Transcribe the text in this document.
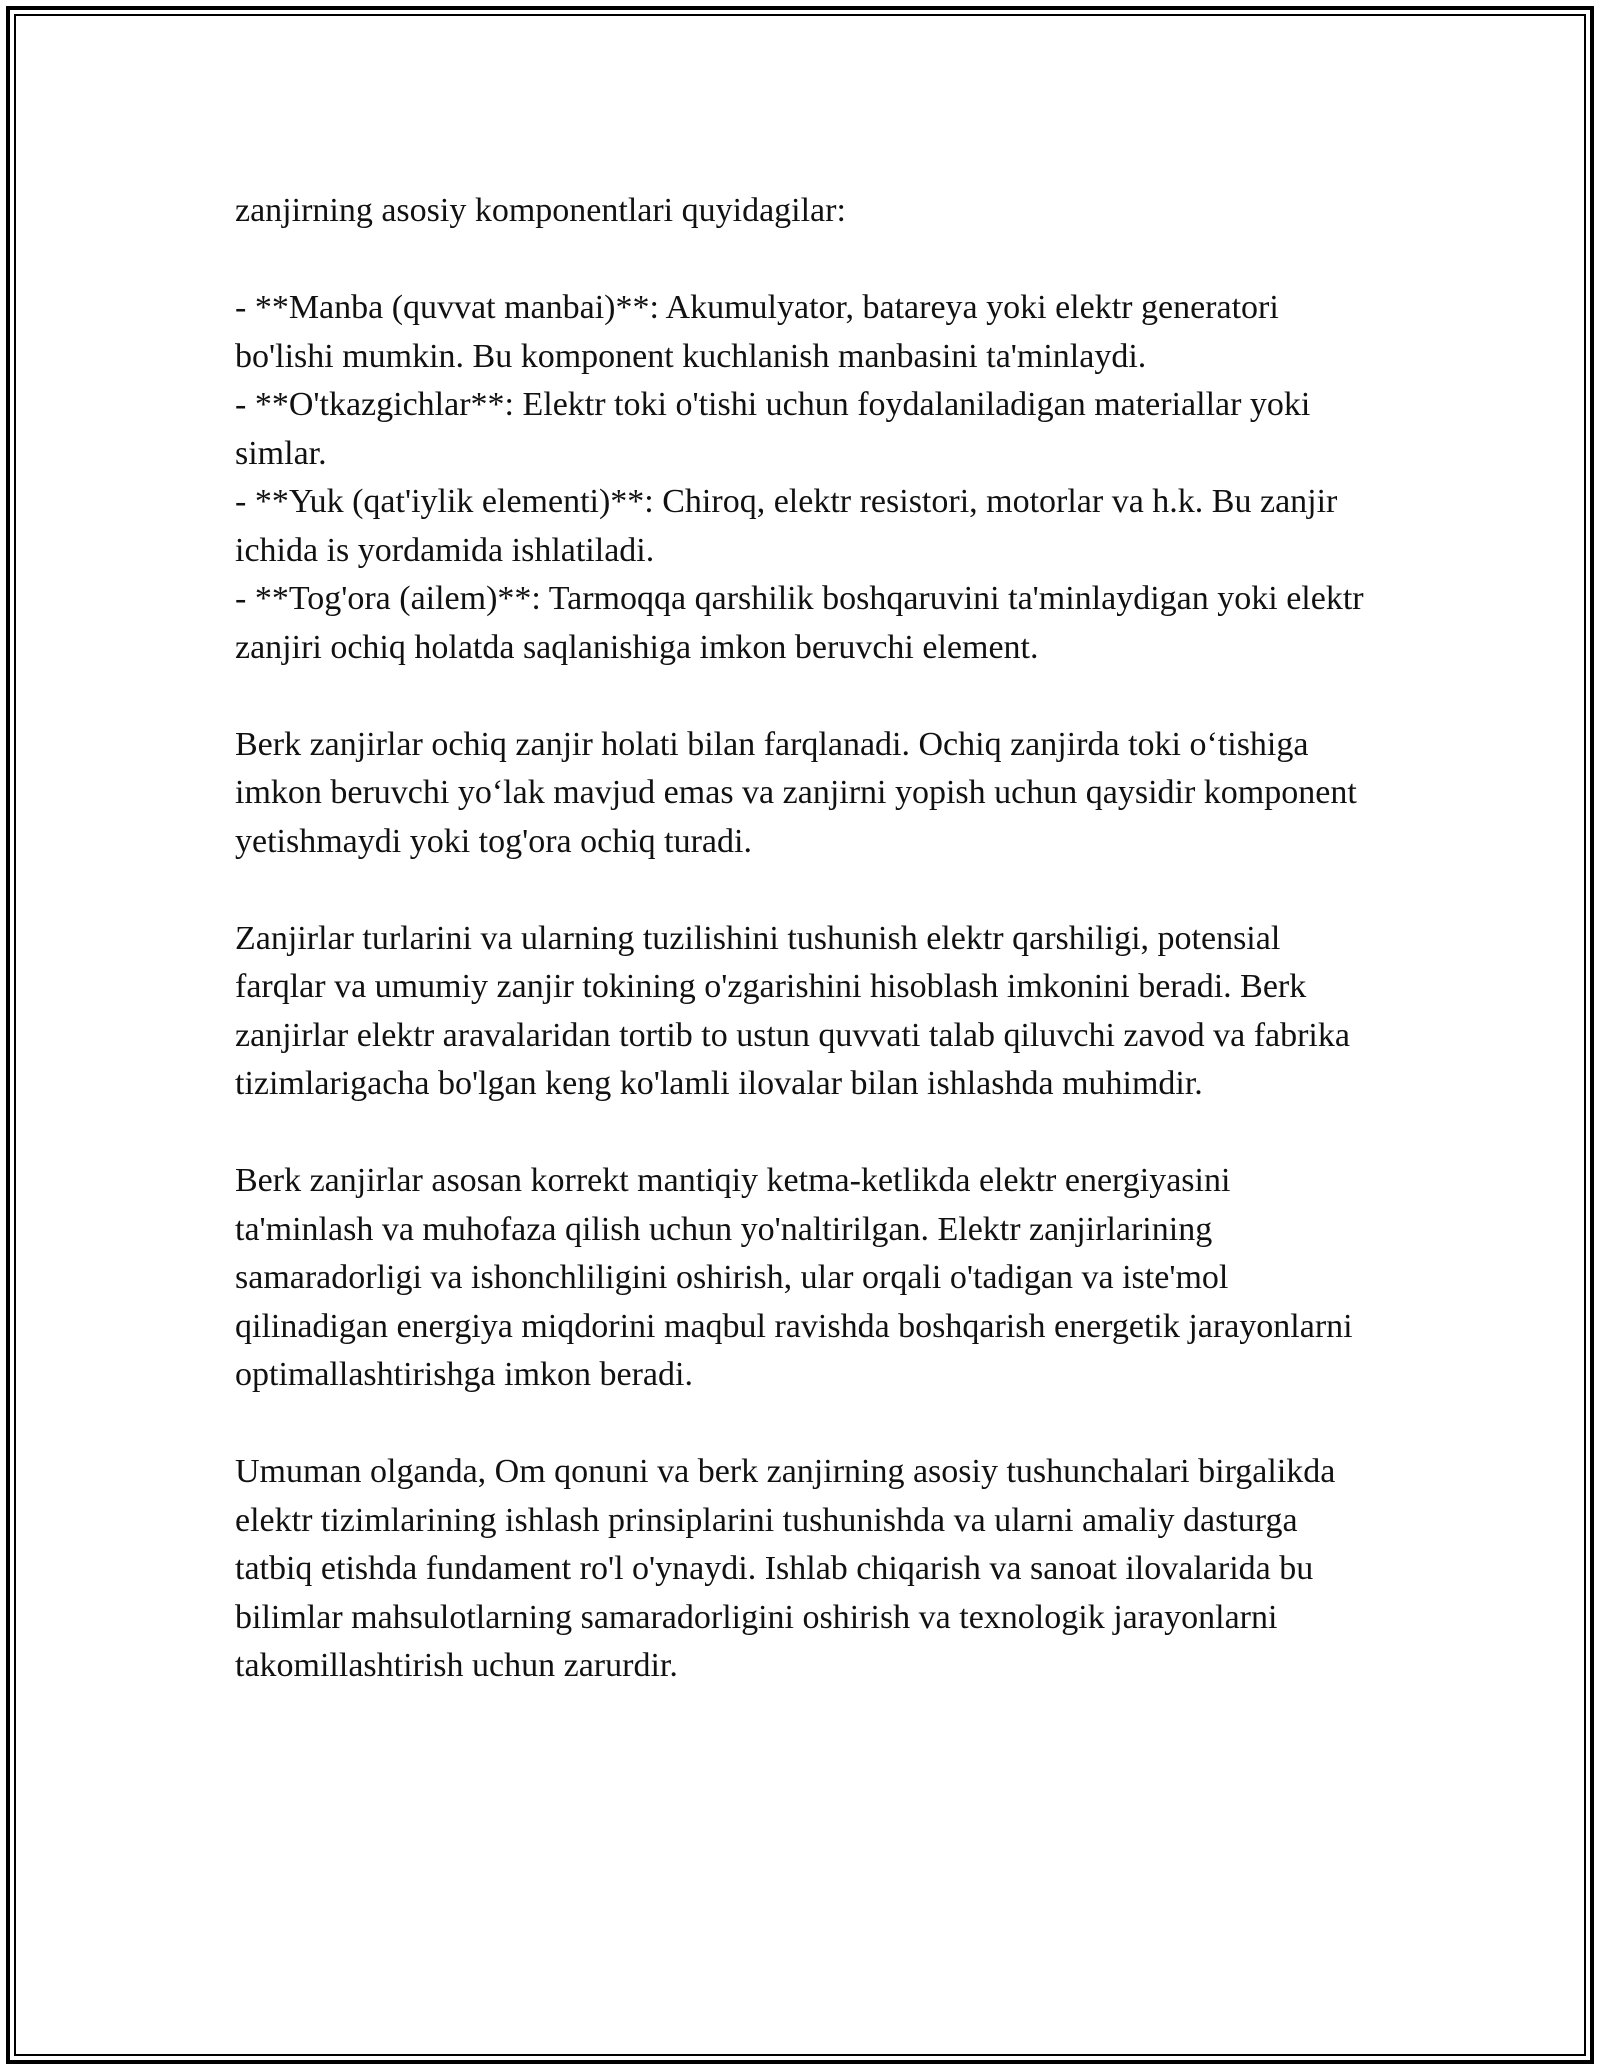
zanjirning asosiy komponentlari quyidagilar:

- **Manba (quvvat manbai)**: Akumulyator, batareya yoki elektr generatori bo'lishi mumkin. Bu komponent kuchlanish manbasini ta'minlaydi.

- **O'tkazgichlar**: Elektr toki o'tishi uchun foydalaniladigan materiallar yoki simlar.

- **Yuk (qat'iylik elementi)**: Chiroq, elektr resistori, motorlar va h.k. Bu zanjir ichida is yordamida ishlatiladi.

- **Tog'ora (ailem)**: Tarmoqqa qarshilik boshqaruvini ta'minlaydigan yoki elektr zanjiri ochiq holatda saqlanishiga imkon beruvchi element.

Berk zanjirlar ochiq zanjir holati bilan farqlanadi. Ochiq zanjirda toki o‘tishiga imkon beruvchi yo‘lak mavjud emas va zanjirni yopish uchun qaysidir komponent yetishmaydi yoki tog'ora ochiq turadi.

Zanjirlar turlarini va ularning tuzilishini tushunish elektr qarshiligi, potensial farqlar va umumiy zanjir tokining o'zgarishini hisoblash imkonini beradi. Berk zanjirlar elektr aravalaridan tortib to ustun quvvati talab qiluvchi zavod va fabrika tizimlarigacha bo'lgan keng ko'lamli ilovalar bilan ishlashda muhimdir.

Berk zanjirlar asosan korrekt mantiqiy ketma-ketlikda elektr energiyasini ta'minlash va muhofaza qilish uchun yo'naltirilgan. Elektr zanjirlarining samaradorligi va ishonchliligini oshirish, ular orqali o'tadigan va iste'mol qilinadigan energiya miqdorini maqbul ravishda boshqarish energetik jarayonlarni optimallashtirishga imkon beradi.

Umuman olganda, Om qonuni va berk zanjirning asosiy tushunchalari birgalikda elektr tizimlarining ishlash prinsiplarini tushunishda va ularni amaliy dasturga tatbiq etishda fundament ro'l o'ynaydi. Ishlab chiqarish va sanoat ilovalarida bu bilimlar mahsulotlarning samaradorligini oshirish va texnologik jarayonlarni takomillashtirish uchun zarurdir.
